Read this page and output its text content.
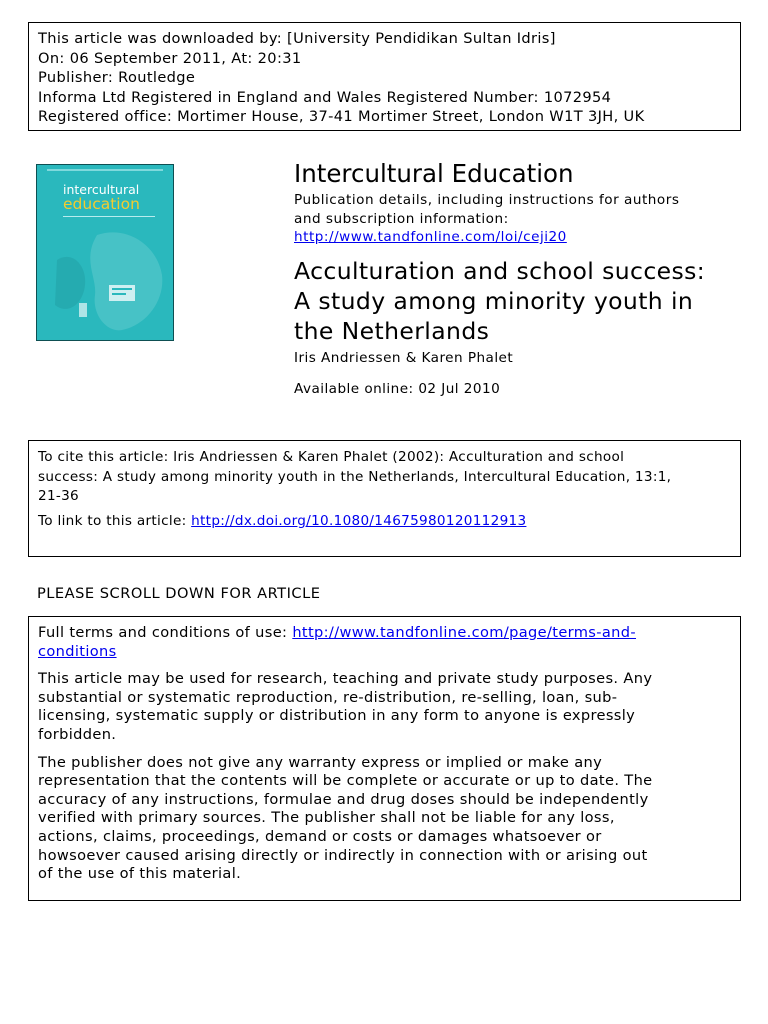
This article was downloaded by: [University Pendidikan Sultan Idris]
On: 06 September 2011, At: 20:31
Publisher: Routledge
Informa Ltd Registered in England and Wales Registered Number: 1072954
Registered office: Mortimer House, 37-41 Mortimer Street, London W1T 3JH, UK
intercultural
education
Intercultural Education
Publication details, including instructions for authors
and subscription information:
http://www.tandfonline.com/loi/ceji20
Acculturation and school success:
A study among minority youth in
the Netherlands
Iris Andriessen & Karen Phalet
Available online: 02 Jul 2010
To cite this article: Iris Andriessen & Karen Phalet (2002): Acculturation and school
success: A study among minority youth in the Netherlands, Intercultural Education, 13:1,
21-36
To link to this article: http://dx.doi.org/10.1080/14675980120112913
PLEASE SCROLL DOWN FOR ARTICLE
Full terms and conditions of use: http://www.tandfonline.com/page/terms-and-
conditions
This article may be used for research, teaching and private study purposes. Any
substantial or systematic reproduction, re-distribution, re-selling, loan, sub-
licensing, systematic supply or distribution in any form to anyone is expressly
forbidden.
The publisher does not give any warranty express or implied or make any
representation that the contents will be complete or accurate or up to date. The
accuracy of any instructions, formulae and drug doses should be independently
verified with primary sources. The publisher shall not be liable for any loss,
actions, claims, proceedings, demand or costs or damages whatsoever or
howsoever caused arising directly or indirectly in connection with or arising out
of the use of this material.
